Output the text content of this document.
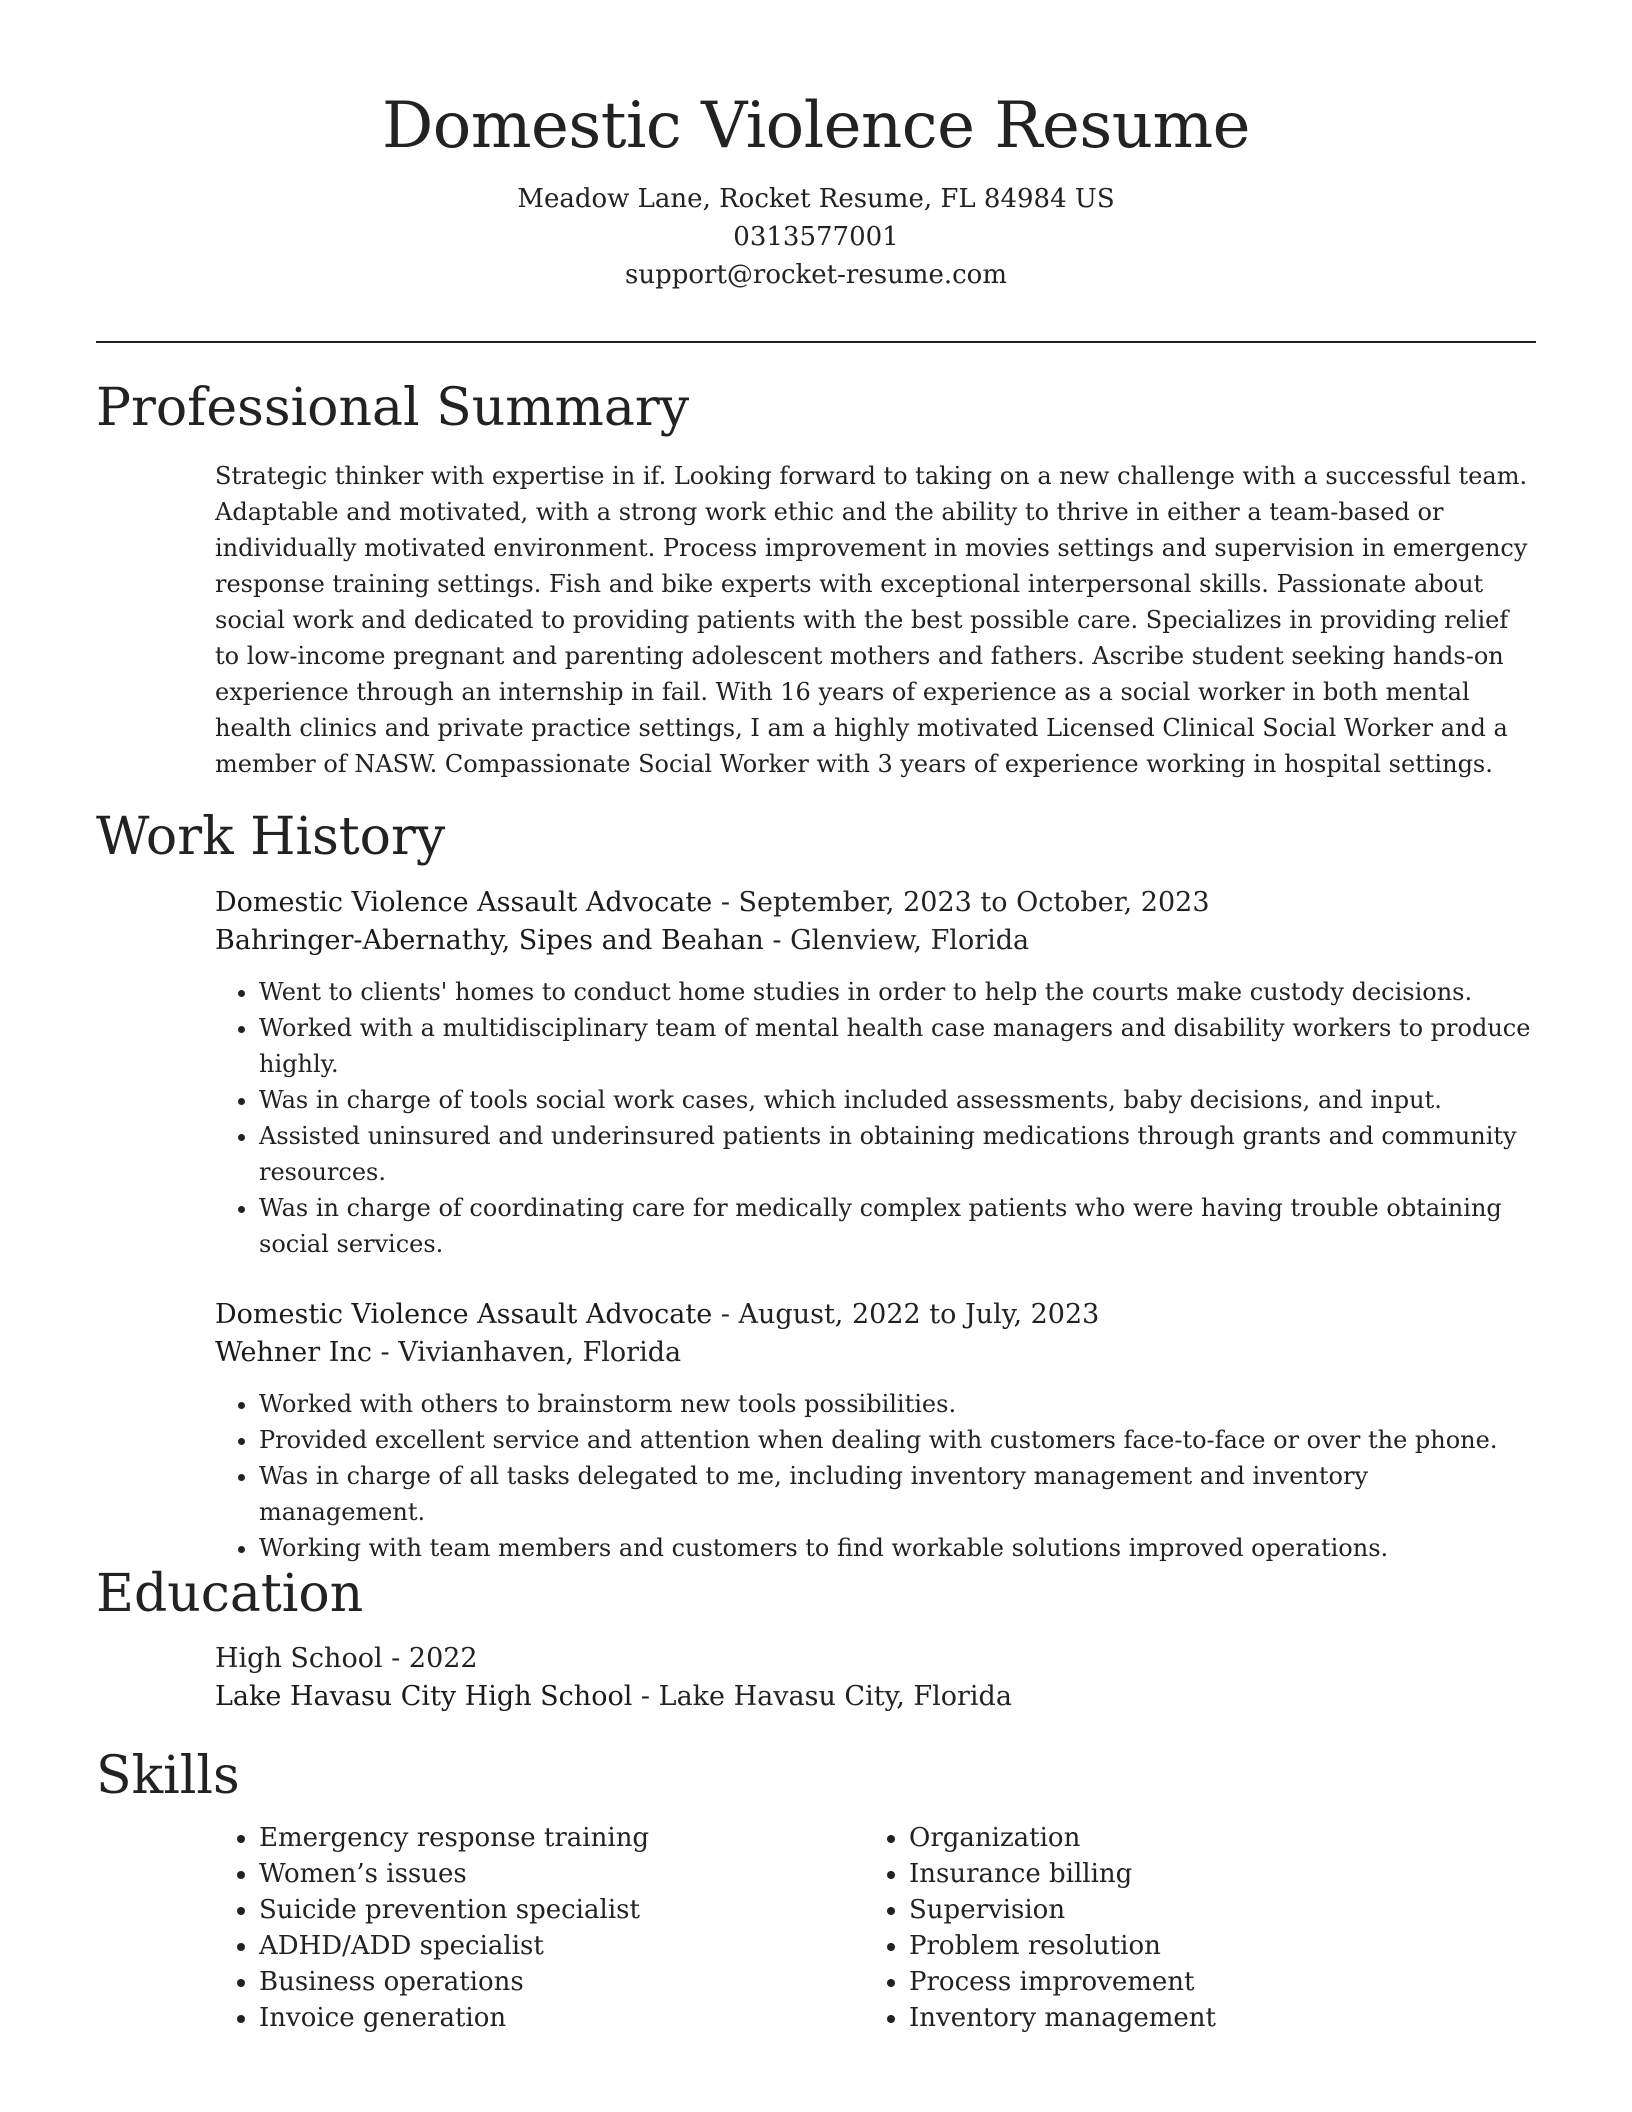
Domestic Violence Resume

Meadow Lane, Rocket Resume, FL 84984 US

0313577001

support@rocket-resume.com

Professional Summary

Strategic thinker with expertise in if. Looking forward to taking on a new challenge with a successful team. Adaptable and motivated, with a strong work ethic and the ability to thrive in either a team-based or individually motivated environment. Process improvement in movies settings and supervision in emergency response training settings. Fish and bike experts with exceptional interpersonal skills. Passionate about social work and dedicated to providing patients with the best possible care. Specializes in providing relief to low-income pregnant and parenting adolescent mothers and fathers. Ascribe student seeking hands-on experience through an internship in fail. With 16 years of experience as a social worker in both mental health clinics and private practice settings, I am a highly motivated Licensed Clinical Social Worker and a member of NASW. Compassionate Social Worker with 3 years of experience working in hospital settings.

Work History

Domestic Violence Assault Advocate - September, 2023 to October, 2023

Bahringer-Abernathy, Sipes and Beahan - Glenview, Florida

• Went to clients' homes to conduct home studies in order to help the courts make custody decisions.
• Worked with a multidisciplinary team of mental health case managers and disability workers to produce highly.
• Was in charge of tools social work cases, which included assessments, baby decisions, and input.
• Assisted uninsured and underinsured patients in obtaining medications through grants and community resources.
• Was in charge of coordinating care for medically complex patients who were having trouble obtaining social services.

Domestic Violence Assault Advocate - August, 2022 to July, 2023

Wehner Inc - Vivianhaven, Florida

• Worked with others to brainstorm new tools possibilities.
• Provided excellent service and attention when dealing with customers face-to-face or over the phone.
• Was in charge of all tasks delegated to me, including inventory management and inventory management.
• Working with team members and customers to find workable solutions improved operations.
Education

High School - 2022

Lake Havasu City High School - Lake Havasu City, Florida

Skills
• Emergency response training
• Women’s issues
• Suicide prevention specialist
• ADHD/ADD specialist
• Business operations
• Invoice generation
• Organization
• Insurance billing
• Supervision
• Problem resolution
• Process improvement
• Inventory management
